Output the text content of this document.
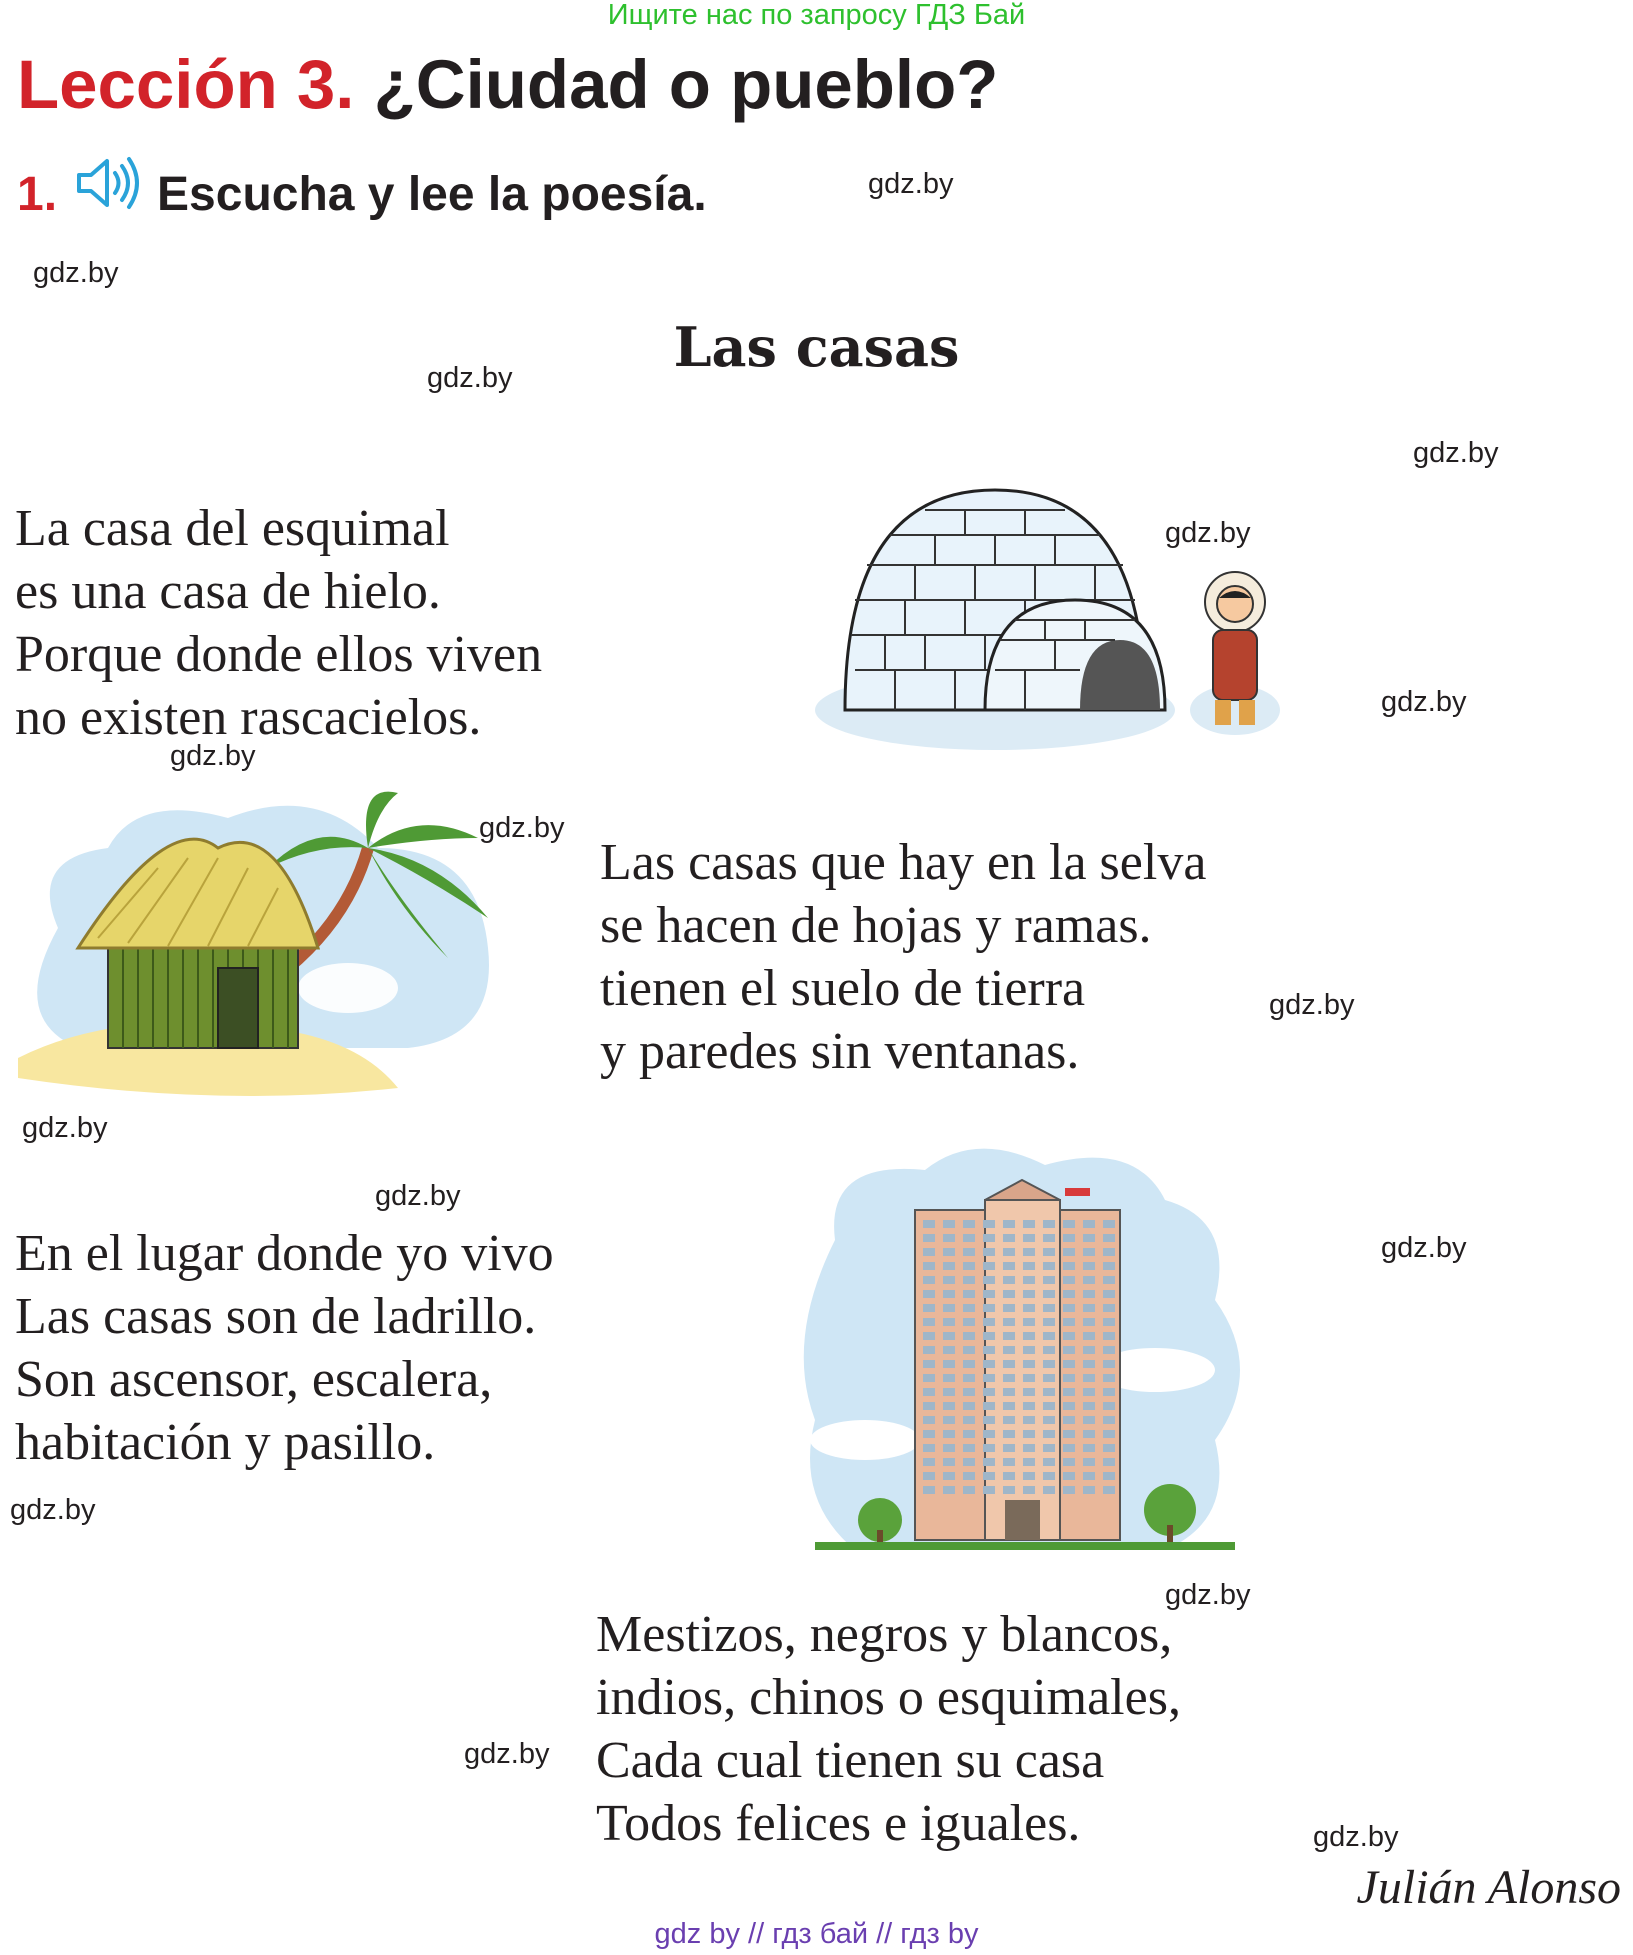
Ищите нас по запросу ГДЗ Бай
Lección 3. ¿Ciudad o pueblo?
1. Escucha y lee la poesía.
Las casas
La casa del esquimal
es una casa de hielo.
Porque donde ellos viven
no existen rascacielos.
Las casas que hay en la selva
se hacen de hojas y ramas.
tienen el suelo de tierra
y paredes sin ventanas.
En el lugar donde yo vivo
Las casas son de ladrillo.
Son ascensor, escalera,
habitación y pasillo.
Mestizos, negros y blancos,
indios, chinos o esquimales,
Cada cual tienen su casa
Todos felices e iguales.
Julián Alonso
gdz.by
gdz.by
gdz.by
gdz.by
gdz.by
gdz.by
gdz.by
gdz.by
gdz.by
gdz.by
gdz.by
gdz.by
gdz.by
gdz.by
gdz.by
gdz.by
gdz by // гдз бай // гдз by
